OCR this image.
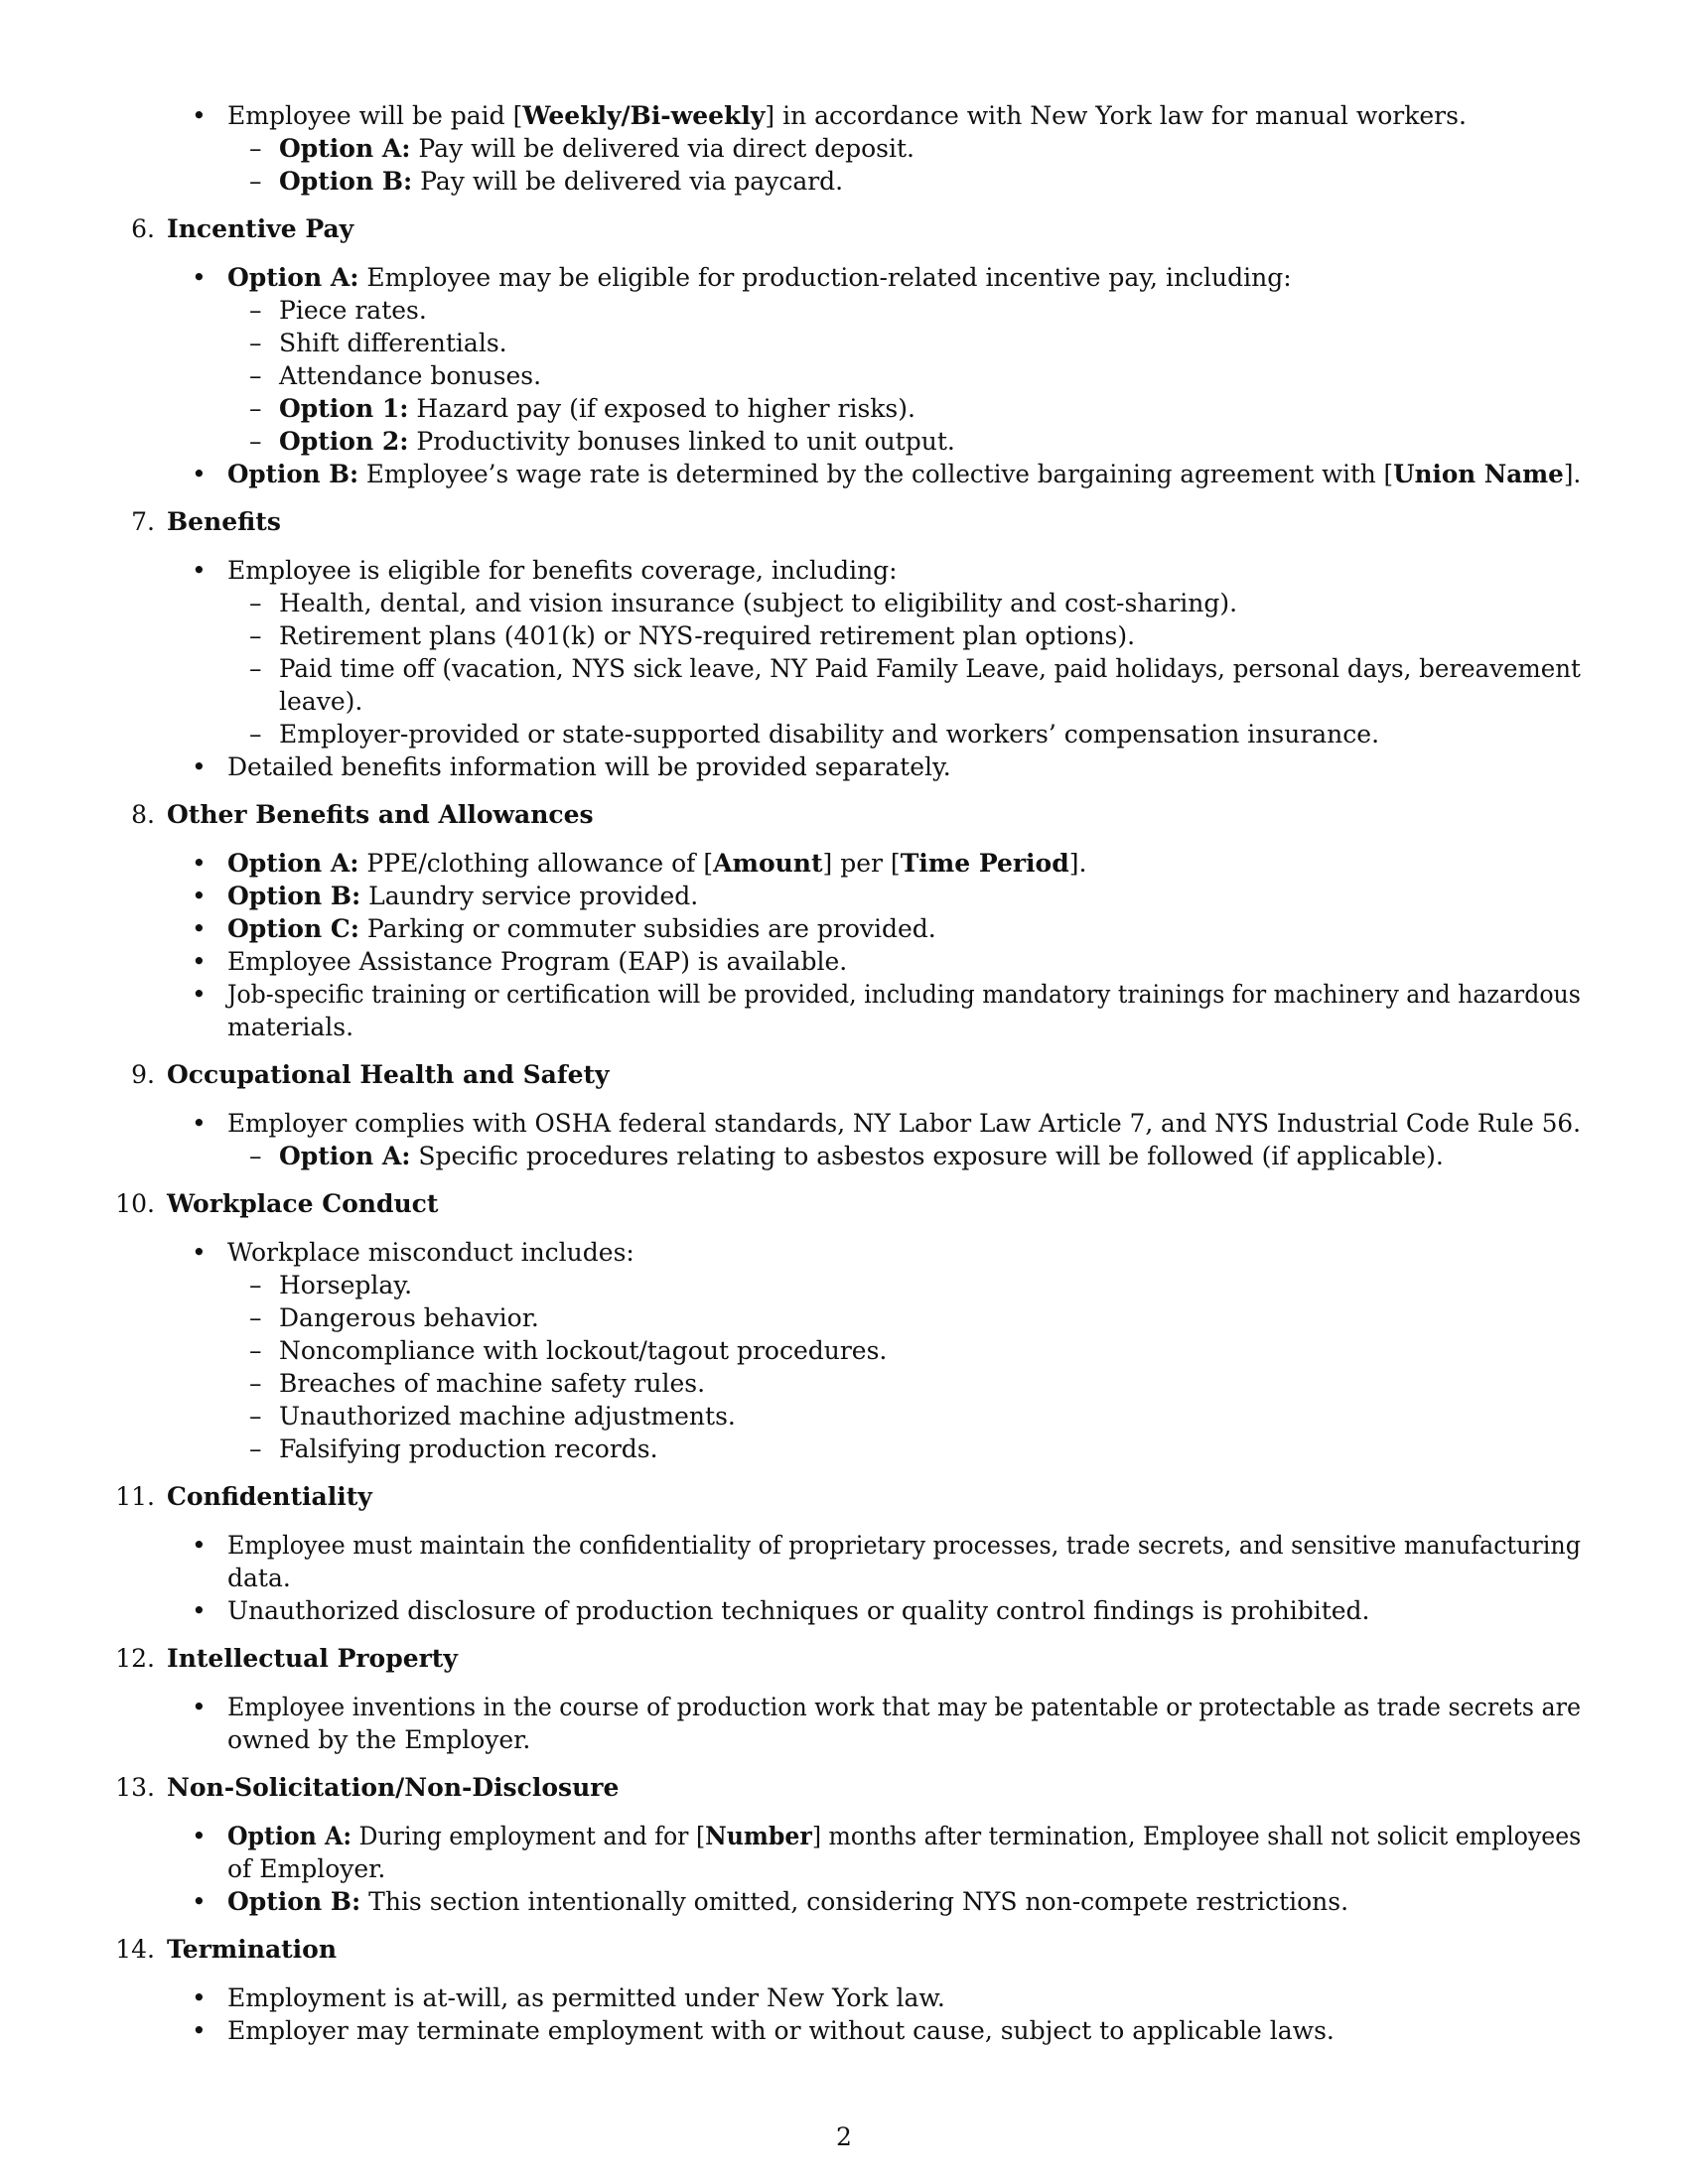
• Employee will be paid [Weekly/Bi-weekly] in accordance with New York law for manual workers.
– Option A: Pay will be delivered via direct deposit.
– Option B: Pay will be delivered via paycard.
6. Incentive Pay
• Option A: Employee may be eligible for production-related incentive pay, including:
– Piece rates.
– Shift differentials.
– Attendance bonuses.
– Option 1: Hazard pay (if exposed to higher risks).
– Option 2: Productivity bonuses linked to unit output.
• Option B: Employee’s wage rate is determined by the collective bargaining agreement with [Union Name].
7. Benefits
• Employee is eligible for benefits coverage, including:
– Health, dental, and vision insurance (subject to eligibility and cost-sharing).
– Retirement plans (401(k) or NYS-required retirement plan options).
– Paid time off (vacation, NYS sick leave, NY Paid Family Leave, paid holidays, personal days, bereavement
leave).
– Employer-provided or state-supported disability and workers’ compensation insurance.
• Detailed benefits information will be provided separately.
8. Other Benefits and Allowances
• Option A: PPE/clothing allowance of [Amount] per [Time Period].
• Option B: Laundry service provided.
• Option C: Parking or commuter subsidies are provided.
• Employee Assistance Program (EAP) is available.
• Job-specific training or certification will be provided, including mandatory trainings for machinery and hazardous
materials.
9. Occupational Health and Safety
• Employer complies with OSHA federal standards, NY Labor Law Article 7, and NYS Industrial Code Rule 56.
– Option A: Specific procedures relating to asbestos exposure will be followed (if applicable).
10. Workplace Conduct
• Workplace misconduct includes:
– Horseplay.
– Dangerous behavior.
– Noncompliance with lockout/tagout procedures.
– Breaches of machine safety rules.
– Unauthorized machine adjustments.
– Falsifying production records.
11. Confidentiality
• Employee must maintain the confidentiality of proprietary processes, trade secrets, and sensitive manufacturing
data.
• Unauthorized disclosure of production techniques or quality control findings is prohibited.
12. Intellectual Property
• Employee inventions in the course of production work that may be patentable or protectable as trade secrets are
owned by the Employer.
13. Non-Solicitation/Non-Disclosure
• Option A: During employment and for [Number] months after termination, Employee shall not solicit employees
of Employer.
• Option B: This section intentionally omitted, considering NYS non-compete restrictions.
14. Termination
• Employment is at-will, as permitted under New York law.
• Employer may terminate employment with or without cause, subject to applicable laws.
2
